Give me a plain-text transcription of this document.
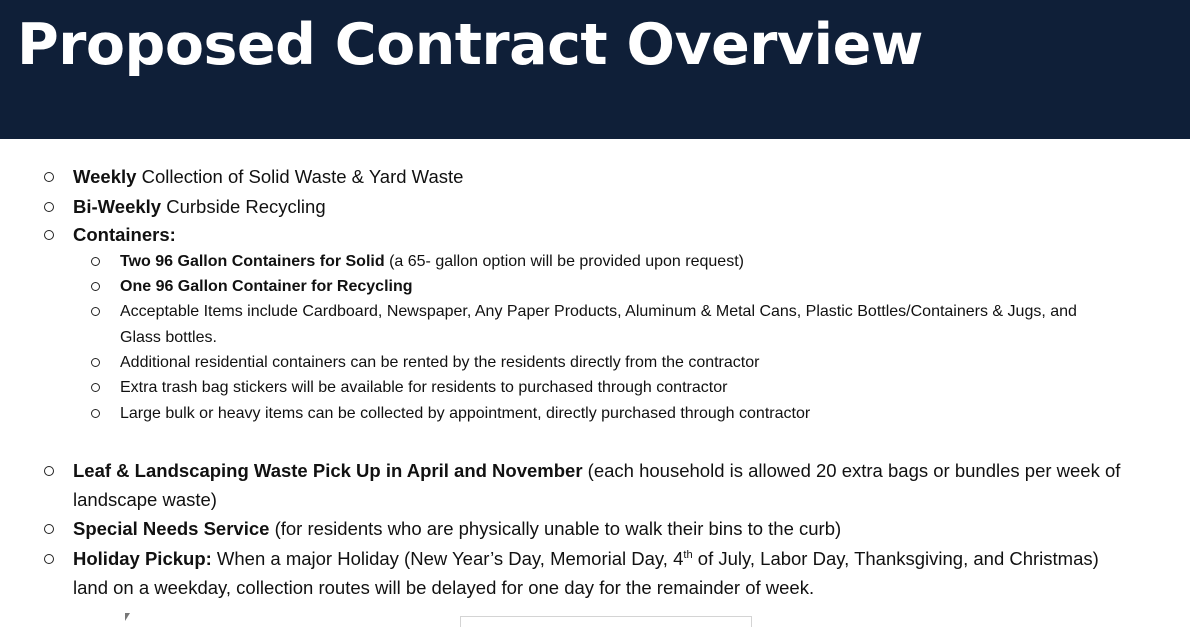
Proposed Contract Overview
Weekly Collection of Solid Waste & Yard Waste
Bi-Weekly Curbside Recycling
Containers:
Two 96 Gallon Containers for Solid (a 65- gallon option will be provided upon request)
One 96 Gallon Container for Recycling
Acceptable Items include Cardboard, Newspaper, Any Paper Products, Aluminum & Metal Cans, Plastic Bottles/Containers & Jugs, and
Glass bottles.
Additional residential containers can be rented by the residents directly from the contractor
Extra trash bag stickers will be available for residents to purchased through contractor
Large bulk or heavy items can be collected by appointment, directly purchased through contractor
Leaf & Landscaping Waste Pick Up in April and November (each household is allowed 20 extra bags or bundles per week of
landscape waste)
Special Needs Service (for residents who are physically unable to walk their bins to the curb)
Holiday Pickup: When a major Holiday (New Year’s Day, Memorial Day, 4th of July, Labor Day, Thanksgiving, and Christmas)
land on a weekday, collection routes will be delayed for one day for the remainder of week.
